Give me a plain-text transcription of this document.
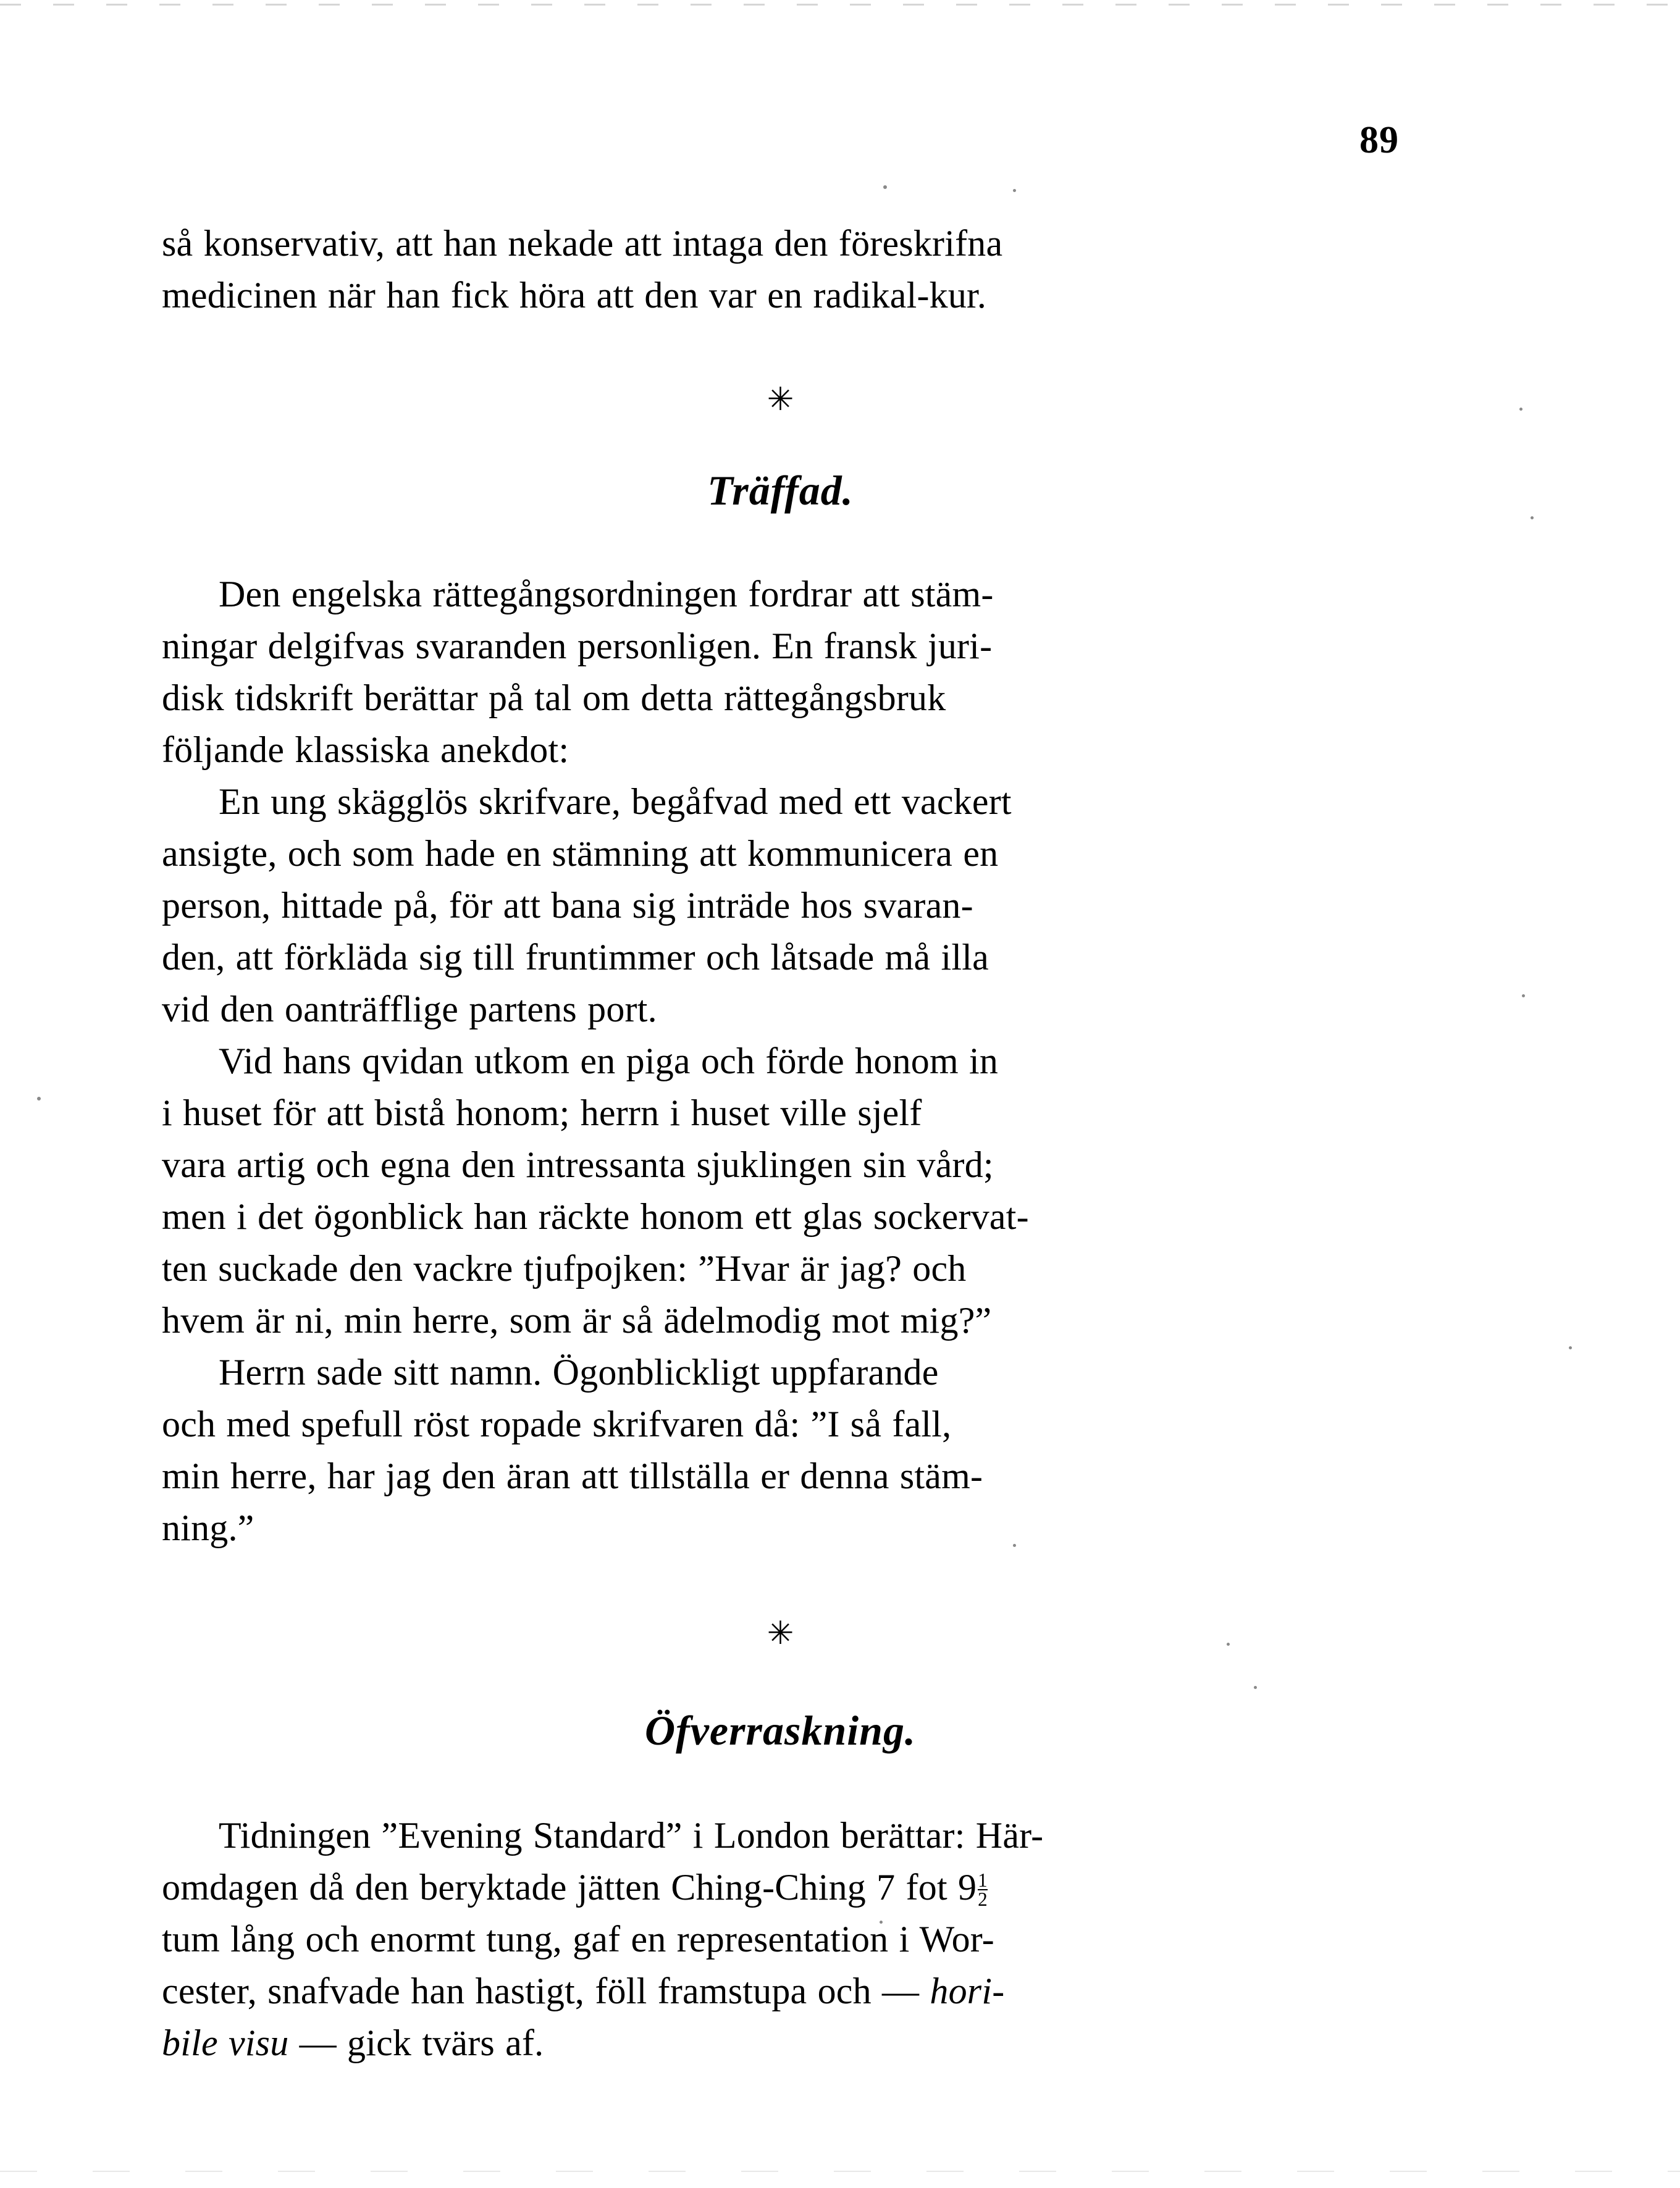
89

så konservativ, att han nekade att intaga den föreskrifna

medicinen när han fick höra att den var en radikal-kur.

✳

Träffad.

Den engelska rättegångsordningen fordrar att stäm-

ningar delgifvas svaranden personligen. En fransk juri-

disk tidskrift berättar på tal om detta rättegångsbruk

följande klassiska anekdot:

En ung skägglös skrifvare, begåfvad med ett vackert

ansigte, och som hade en stämning att kommunicera en

person, hittade på, för att bana sig inträde hos svaran-

den, att förkläda sig till fruntimmer och låtsade må illa

vid den oanträfflige partens port.

Vid hans qvidan utkom en piga och förde honom in

i huset för att bistå honom; herrn i huset ville sjelf

vara artig och egna den intressanta sjuklingen sin vård;

men i det ögonblick han räckte honom ett glas sockervat-

ten suckade den vackre tjufpojken: ”Hvar är jag? och

hvem är ni, min herre, som är så ädelmodig mot mig?”

Herrn sade sitt namn. Ögonblickligt uppfarande

och med spefull röst ropade skrifvaren då: ”I så fall,

min herre, har jag den äran att tillställa er denna stäm-

ning.”

✳

Öfverraskning.

Tidningen ”Evening Standard” i London berättar: Här-

omdagen då den beryktade jätten Ching-Ching 7 fot $9 \frac{1}{2}$

tum lång och enormt tung, gaf en representation i Wor-

cester, snafvade han hastigt, föll framstupa och — hori-

bile visu — gick tvärs af.
